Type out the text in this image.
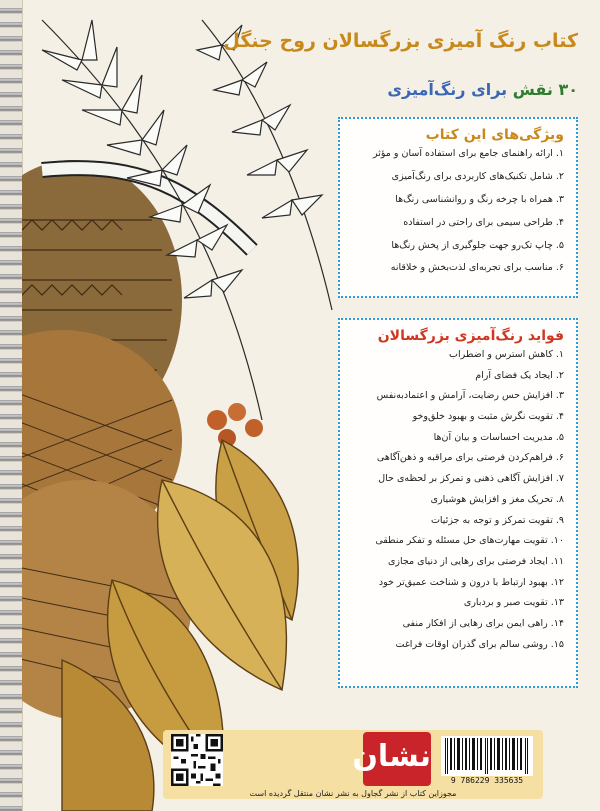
کتاب رنگ آمیزی بزرگسالان روح جنگل
۳۰ نقش برای رنگ‌آمیزی
ویژگی‌های این کتاب
۱. ارائه راهنمای جامع برای استفاده آسان و مؤثر
۲. شامل تکنیک‌های کاربردی برای رنگ‌آمیزی
۳. همراه با چرخه رنگ و روانشناسی رنگ‌ها
۴. طراحی سیمی برای راحتی در استفاده
۵. چاپ تک‌رو جهت جلوگیری از پخش رنگ‌ها
۶. مناسب برای تجربه‌ای لذت‌بخش و خلاقانه
فواید رنگ‌آمیزی بزرگسالان
۱. کاهش استرس و اضطراب
۲. ایجاد یک فضای آرام
۳. افزایش حس رضایت، آرامش و اعتماد‌به‌نفس
۴. تقویت نگرش مثبت و بهبود خلق‌وخو
۵. مدیریت احساسات و بیان آن‌ها
۶. فراهم‌کردن فرصتی برای مراقبه و ذهن‌آگاهی
۷. افزایش آگاهی ذهنی و تمرکز بر لحظه‌ی حال
۸. تحریک مغز و افزایش هوشیاری
۹. تقویت تمرکز و توجه به جزئیات
۱۰. تقویت مهارت‌های حل مسئله و تفکر منطقی
۱۱. ایجاد فرصتی برای رهایی از دنیای مجازی
۱۲. بهبود ارتباط با درون و شناخت عمیق‌تر خود
۱۳. تقویت صبر و بردباری
۱۴. راهی ایمن برای رهایی از افکار منفی
۱۵. روشی سالم برای گذران اوقات فراغت
نشان
9 786229 335635
مجوزاین کتاب از نشر گجاول به نشر نشان منتقل گردیده است
